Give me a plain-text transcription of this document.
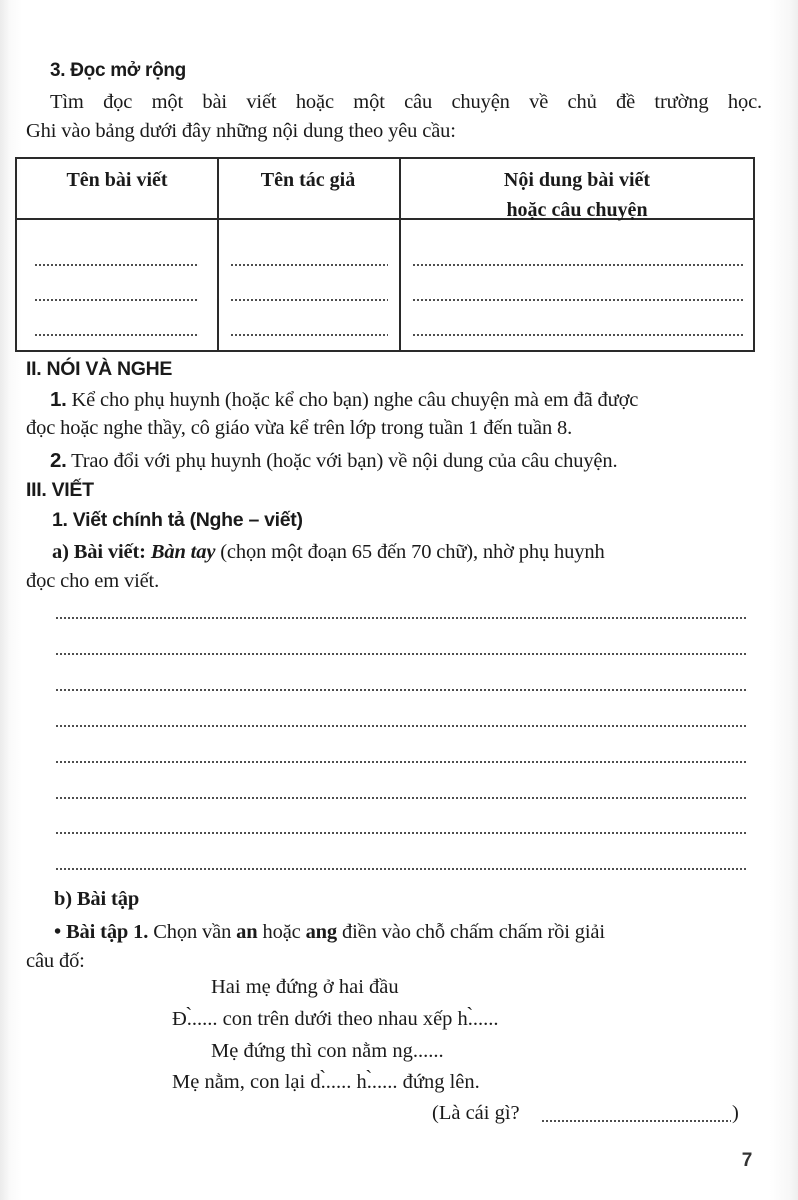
3. Đọc mở rộng
Tìm đọc một bài viết hoặc một câu chuyện về chủ đề trường học.
Ghi vào bảng dưới đây những nội dung theo yêu cầu:
Tên bài viết	Tên tác giả	Nội dung bài viết
hoặc câu chuyện
II. NÓI VÀ NGHE
1. Kể cho phụ huynh (hoặc kể cho bạn) nghe câu chuyện mà em đã được
đọc hoặc nghe thầy, cô giáo vừa kể trên lớp trong tuần 1 đến tuần 8.
2. Trao đổi với phụ huynh (hoặc với bạn) về nội dung của câu chuyện.
III. VIẾT
1. Viết chính tả (Nghe – viết)
a) Bài viết: Bàn tay (chọn một đoạn 65 đến 70 chữ), nhờ phụ huynh
đọc cho em viết.
b) Bài tập
• Bài tập 1. Chọn vần an hoặc ang điền vào chỗ chấm chấm rồi giải
câu đố:
Hai mẹ đứng ở hai đầu
Đ.̀..... con trên dưới theo nhau xếp h.̀.....
Mẹ đứng thì con nằm ng......
Mẹ nằm, con lại d.̀..... h.̀..... đứng lên.
(Là cái gì?	)
7
